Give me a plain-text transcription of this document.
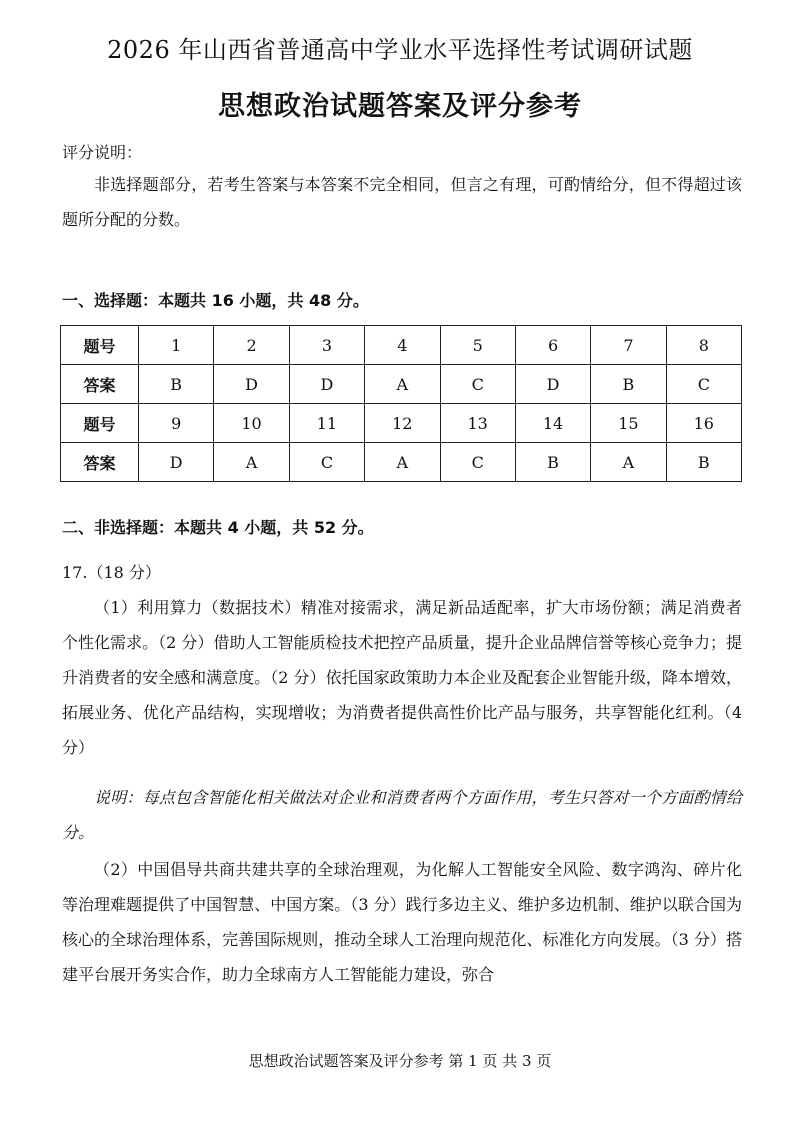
2026 年山西省普通高中学业水平选择性考试调研试题
思想政治试题答案及评分参考
评分说明：
非选择题部分，若考生答案与本答案不完全相同，但言之有理，可酌情给分，但不得超过该题所分配的分数。
一、选择题：本题共 16 小题，共 48 分。
题号	1	2	3	4	5	6	7	8
答案	B	D	D	A	C	D	B	C
题号	9	10	11	12	13	14	15	16
答案	D	A	C	A	C	B	A	B
二、非选择题：本题共 4 小题，共 52 分。
17.（18 分）
（1）利用算力（数据技术）精准对接需求，满足新品适配率，扩大市场份额；满足消费者个性化需求。（2 分）借助人工智能质检技术把控产品质量，提升企业品牌信誉等核心竞争力；提升消费者的安全感和满意度。（2 分）依托国家政策助力本企业及配套企业智能升级，降本增效，拓展业务、优化产品结构，实现增收；为消费者提供高性价比产品与服务，共享智能化红利。（4 分）
说明：每点包含智能化相关做法对企业和消费者两个方面作用，考生只答对一个方面酌情给分。
（2）中国倡导共商共建共享的全球治理观，为化解人工智能安全风险、数字鸿沟、碎片化等治理难题提供了中国智慧、中国方案。（3 分）践行多边主义、维护多边机制、维护以联合国为核心的全球治理体系，完善国际规则，推动全球人工治理向规范化、标准化方向发展。（3 分）搭建平台展开务实合作，助力全球南方人工智能能力建设，弥合
思想政治试题答案及评分参考 第 1 页 共 3 页
